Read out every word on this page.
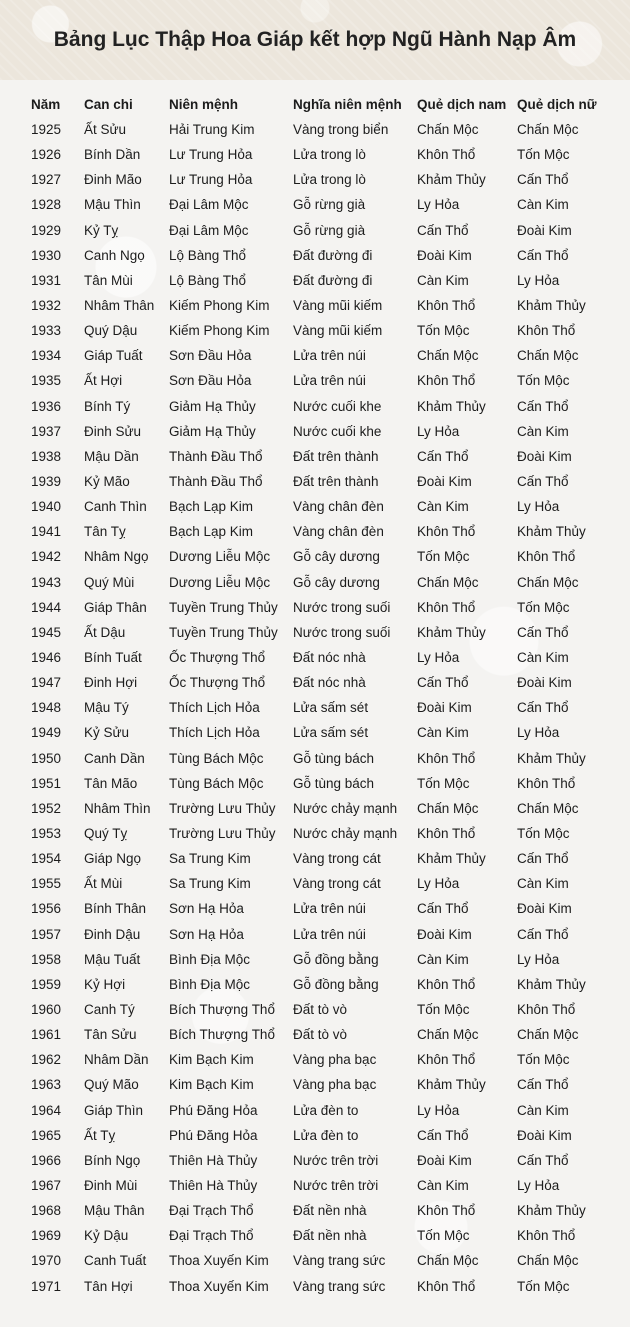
Bảng Lục Thập Hoa Giáp kết hợp Ngũ Hành Nạp Âm
Năm	Can chi	Niên mệnh	Nghĩa niên mệnh	Quẻ dịch nam	Quẻ dịch nữ
1925	Ất Sửu	Hải Trung Kim	Vàng trong biển	Chấn Mộc	Chấn Mộc
1926	Bính Dần	Lư Trung Hỏa	Lửa trong lò	Khôn Thổ	Tốn Mộc
1927	Đinh Mão	Lư Trung Hỏa	Lửa trong lò	Khảm Thủy	Cấn Thổ
1928	Mậu Thìn	Đại Lâm Mộc	Gỗ rừng già	Ly Hỏa	Càn Kim
1929	Kỷ Tỵ	Đại Lâm Mộc	Gỗ rừng già	Cấn Thổ	Đoài Kim
1930	Canh Ngọ	Lộ Bàng Thổ	Đất đường đi	Đoài Kim	Cấn Thổ
1931	Tân Mùi	Lộ Bàng Thổ	Đất đường đi	Càn Kim	Ly Hỏa
1932	Nhâm Thân	Kiếm Phong Kim	Vàng mũi kiếm	Khôn Thổ	Khảm Thủy
1933	Quý Dậu	Kiếm Phong Kim	Vàng mũi kiếm	Tốn Mộc	Khôn Thổ
1934	Giáp Tuất	Sơn Đầu Hỏa	Lửa trên núi	Chấn Mộc	Chấn Mộc
1935	Ất Hợi	Sơn Đầu Hỏa	Lửa trên núi	Khôn Thổ	Tốn Mộc
1936	Bính Tý	Giảm Hạ Thủy	Nước cuối khe	Khảm Thủy	Cấn Thổ
1937	Đinh Sửu	Giảm Hạ Thủy	Nước cuối khe	Ly Hỏa	Càn Kim
1938	Mậu Dần	Thành Đầu Thổ	Đất trên thành	Cấn Thổ	Đoài Kim
1939	Kỷ Mão	Thành Đầu Thổ	Đất trên thành	Đoài Kim	Cấn Thổ
1940	Canh Thìn	Bạch Lạp Kim	Vàng chân đèn	Càn Kim	Ly Hỏa
1941	Tân Tỵ	Bạch Lạp Kim	Vàng chân đèn	Khôn Thổ	Khảm Thủy
1942	Nhâm Ngọ	Dương Liễu Mộc	Gỗ cây dương	Tốn Mộc	Khôn Thổ
1943	Quý Mùi	Dương Liễu Mộc	Gỗ cây dương	Chấn Mộc	Chấn Mộc
1944	Giáp Thân	Tuyền Trung Thủy	Nước trong suối	Khôn Thổ	Tốn Mộc
1945	Ất Dậu	Tuyền Trung Thủy	Nước trong suối	Khảm Thủy	Cấn Thổ
1946	Bính Tuất	Ốc Thượng Thổ	Đất nóc nhà	Ly Hỏa	Càn Kim
1947	Đinh Hợi	Ốc Thượng Thổ	Đất nóc nhà	Cấn Thổ	Đoài Kim
1948	Mậu Tý	Thích Lịch Hỏa	Lửa sấm sét	Đoài Kim	Cấn Thổ
1949	Kỷ Sửu	Thích Lịch Hỏa	Lửa sấm sét	Càn Kim	Ly Hỏa
1950	Canh Dần	Tùng Bách Mộc	Gỗ tùng bách	Khôn Thổ	Khảm Thủy
1951	Tân Mão	Tùng Bách Mộc	Gỗ tùng bách	Tốn Mộc	Khôn Thổ
1952	Nhâm Thìn	Trường Lưu Thủy	Nước chảy mạnh	Chấn Mộc	Chấn Mộc
1953	Quý Tỵ	Trường Lưu Thủy	Nước chảy mạnh	Khôn Thổ	Tốn Mộc
1954	Giáp Ngọ	Sa Trung Kim	Vàng trong cát	Khảm Thủy	Cấn Thổ
1955	Ất Mùi	Sa Trung Kim	Vàng trong cát	Ly Hỏa	Càn Kim
1956	Bính Thân	Sơn Hạ Hỏa	Lửa trên núi	Cấn Thổ	Đoài Kim
1957	Đinh Dậu	Sơn Hạ Hỏa	Lửa trên núi	Đoài Kim	Cấn Thổ
1958	Mậu Tuất	Bình Địa Mộc	Gỗ đồng bằng	Càn Kim	Ly Hỏa
1959	Kỷ Hợi	Bình Địa Mộc	Gỗ đồng bằng	Khôn Thổ	Khảm Thủy
1960	Canh Tý	Bích Thượng Thổ	Đất tò vò	Tốn Mộc	Khôn Thổ
1961	Tân Sửu	Bích Thượng Thổ	Đất tò vò	Chấn Mộc	Chấn Mộc
1962	Nhâm Dần	Kim Bạch Kim	Vàng pha bạc	Khôn Thổ	Tốn Mộc
1963	Quý Mão	Kim Bạch Kim	Vàng pha bạc	Khảm Thủy	Cấn Thổ
1964	Giáp Thìn	Phú Đăng Hỏa	Lửa đèn to	Ly Hỏa	Càn Kim
1965	Ất Tỵ	Phú Đăng Hỏa	Lửa đèn to	Cấn Thổ	Đoài Kim
1966	Bính Ngọ	Thiên Hà Thủy	Nước trên trời	Đoài Kim	Cấn Thổ
1967	Đinh Mùi	Thiên Hà Thủy	Nước trên trời	Càn Kim	Ly Hỏa
1968	Mậu Thân	Đại Trạch Thổ	Đất nền nhà	Khôn Thổ	Khảm Thủy
1969	Kỷ Dậu	Đại Trạch Thổ	Đất nền nhà	Tốn Mộc	Khôn Thổ
1970	Canh Tuất	Thoa Xuyến Kim	Vàng trang sức	Chấn Mộc	Chấn Mộc
1971	Tân Hợi	Thoa Xuyến Kim	Vàng trang sức	Khôn Thổ	Tốn Mộc
